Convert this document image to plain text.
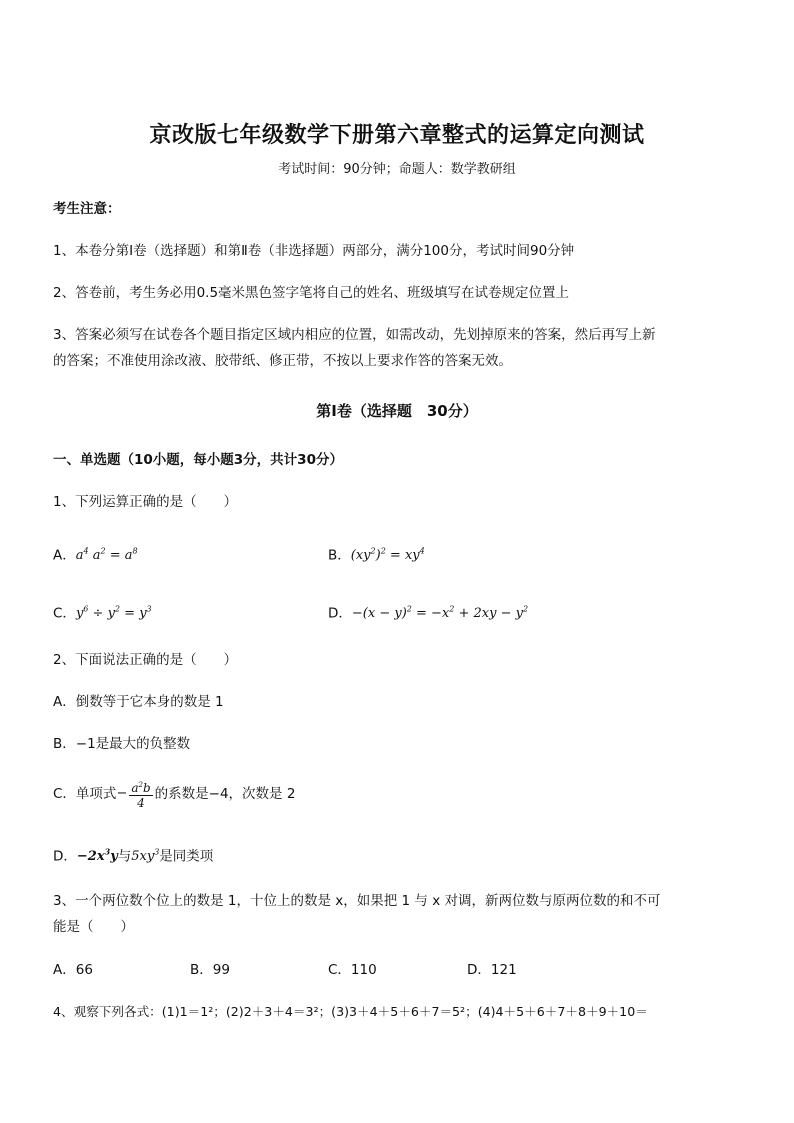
京改版七年级数学下册第六章整式的运算定向测试
考试时间：90分钟；命题人：数学教研组
考生注意：
1、本卷分第Ⅰ卷（选择题）和第Ⅱ卷（非选择题）两部分，满分100分，考试时间90分钟
2、答卷前，考生务必用0.5毫米黑色签字笔将自己的姓名、班级填写在试卷规定位置上
3、答案必须写在试卷各个题目指定区域内相应的位置，如需改动，先划掉原来的答案，然后再写上新
的答案；不准使用涂改液、胶带纸、修正带，不按以上要求作答的答案无效。
第Ⅰ卷（选择题　30分）
一、单选题（10小题，每小题3分，共计30分）
1、下列运算正确的是（　　）
A．$a^4$ $a^2 = a^8$	B．$(xy^2)^2 = xy^4$
C．$y^6 \div y^2 = y^3$	D．$-(x - y)^2 = -x^2 + 2xy - y^2$
2、下面说法正确的是（　　）
A．倒数等于它本身的数是 1
B．−1是最大的负整数
C．单项式 − $\frac{a^2b}{4}$ 的系数是−4，次数是 2
D．$-2x^3y$与$5xy^3$是同类项
3、一个两位数个位上的数是 1，十位上的数是 x，如果把 1 与 x 对调，新两位数与原两位数的和不可
能是（　　）
A．66	B．99	C．110	D．121
4、观察下列各式：(1)1＝1²；(2)2＋3＋4＝3²；(3)3＋4＋5＋6＋7＝5²；(4)4＋5＋6＋7＋8＋9＋10＝
